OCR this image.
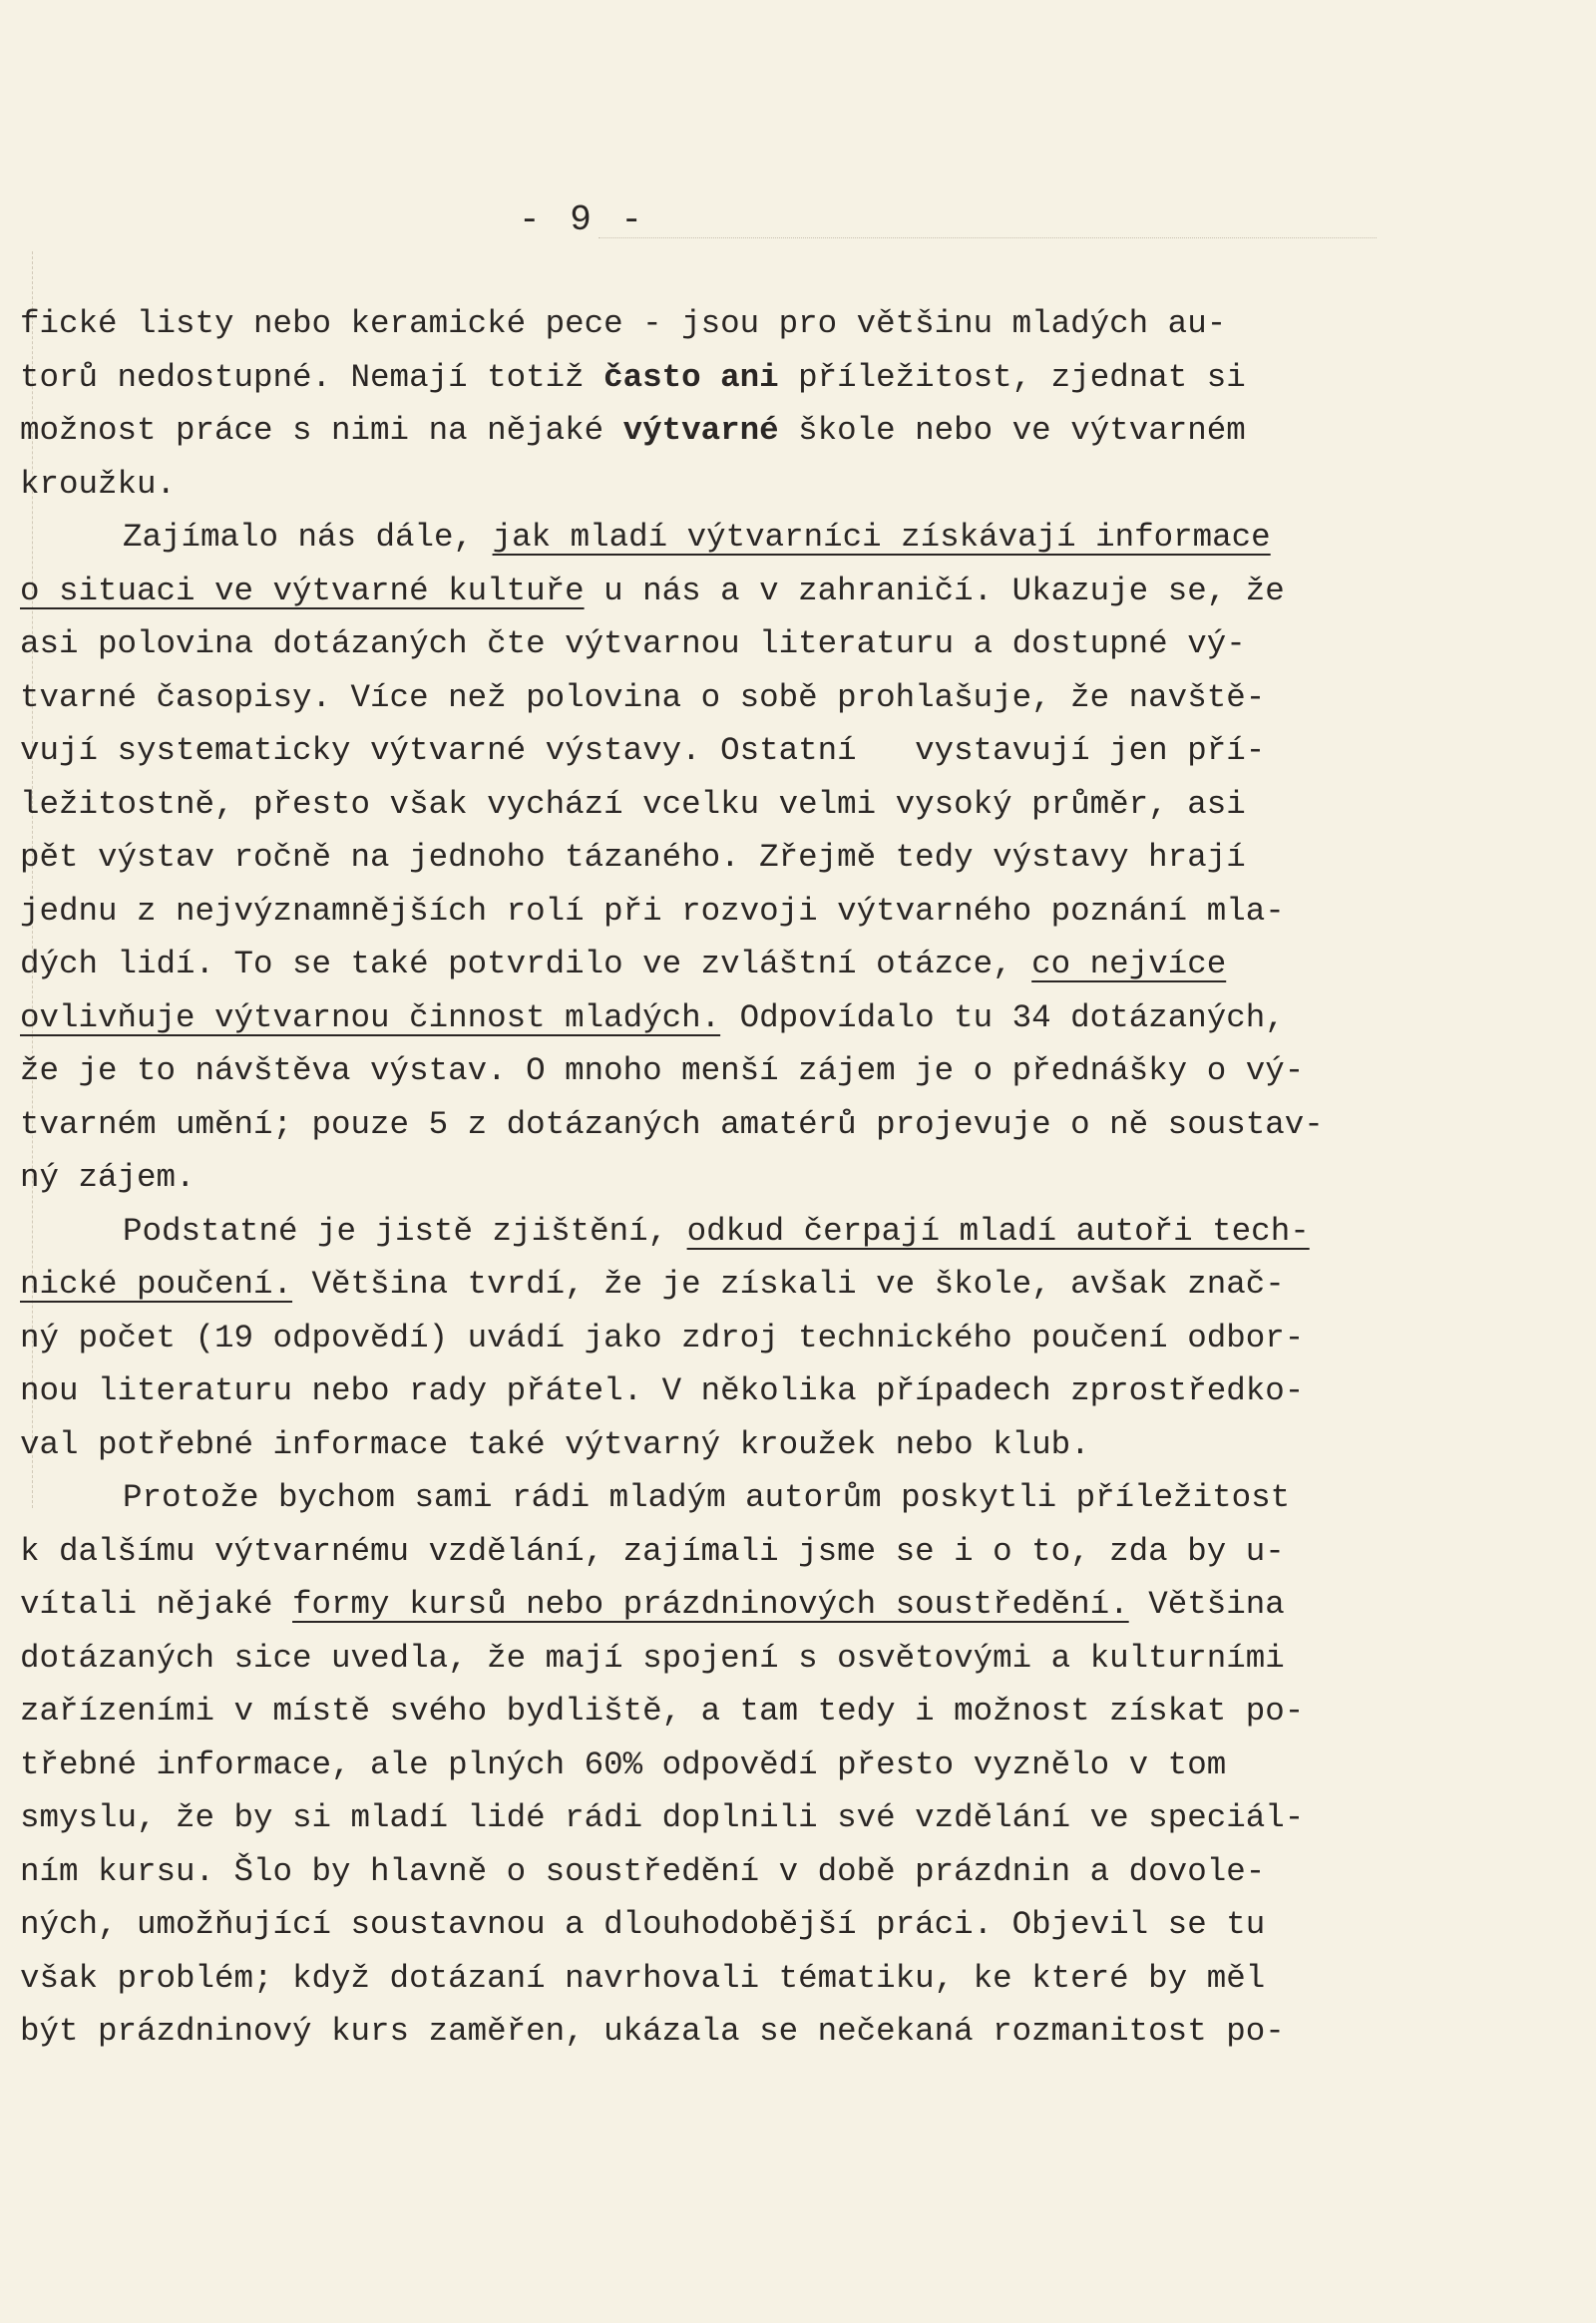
- 9 -
fické listy nebo keramické pece - jsou pro většinu mladých au-
torů nedostupné. Nemají totiž často ani příležitost, zjednat si
možnost práce s nimi na nějaké výtvarné škole nebo ve výtvarném
kroužku.
Zajímalo nás dále, jak mladí výtvarníci získávají informace
o situaci ve výtvarné kultuře u nás a v zahraničí. Ukazuje se, že
asi polovina dotázaných čte výtvarnou literaturu a dostupné vý-
tvarné časopisy. Více než polovina o sobě prohlašuje, že navště-
vují systematicky výtvarné výstavy. Ostatní   vystavují jen pří-
ležitostně, přesto však vychází vcelku velmi vysoký průměr, asi
pět výstav ročně na jednoho tázaného. Zřejmě tedy výstavy hrají
jednu z nejvýznamnějších rolí při rozvoji výtvarného poznání mla-
dých lidí. To se také potvrdilo ve zvláštní otázce, co nejvíce
ovlivňuje výtvarnou činnost mladých. Odpovídalo tu 34 dotázaných,
že je to návštěva výstav. O mnoho menší zájem je o přednášky o vý-
tvarném umění; pouze 5 z dotázaných amatérů projevuje o ně soustav-
ný zájem.
Podstatné je jistě zjištění, odkud čerpají mladí autoři tech-
nické poučení. Většina tvrdí, že je získali ve škole, avšak znač-
ný počet (19 odpovědí) uvádí jako zdroj technického poučení odbor-
nou literaturu nebo rady přátel. V několika případech zprostředko-
val potřebné informace také výtvarný kroužek nebo klub.
Protože bychom sami rádi mladým autorům poskytli příležitost
k dalšímu výtvarnému vzdělání, zajímali jsme se i o to, zda by u-
vítali nějaké formy kursů nebo prázdninových soustředění. Většina
dotázaných sice uvedla, že mají spojení s osvětovými a kulturními
zařízeními v místě svého bydliště, a tam tedy i možnost získat po-
třebné informace, ale plných 60% odpovědí přesto vyznělo v tom
smyslu, že by si mladí lidé rádi doplnili své vzdělání ve speciál-
ním kursu. Šlo by hlavně o soustředění v době prázdnin a dovole-
ných, umožňující soustavnou a dlouhodobější práci. Objevil se tu
však problém; když dotázaní navrhovali tématiku, ke které by měl
být prázdninový kurs zaměřen, ukázala se nečekaná rozmanitost po-
